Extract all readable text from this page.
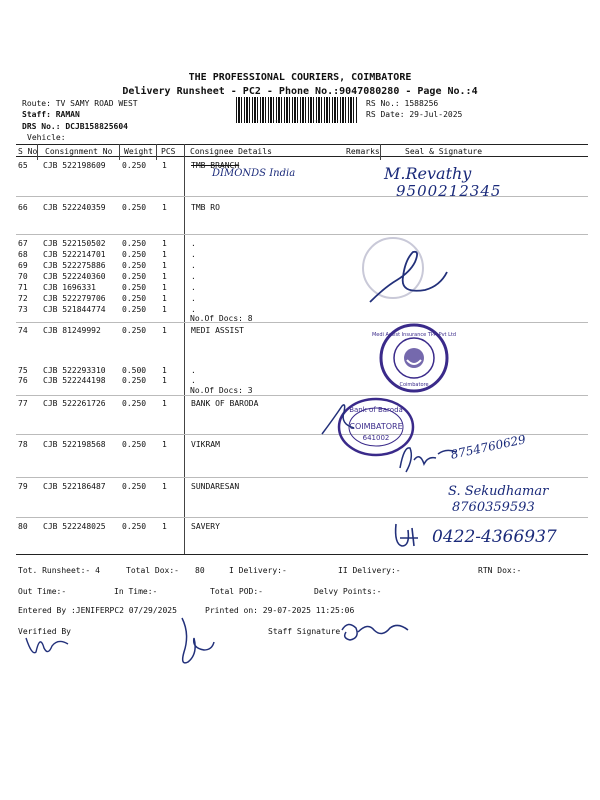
THE PROFESSIONAL COURIERS, COIMBATORE
Delivery Runsheet - PC2 - Phone No.:9047080280 - Page No.:4
Route: TV SAMY ROAD WEST
Staff: RAMAN
DRS No.: DCJB158825604
Vehicle:
RS No.: 1588256
RS Date: 29-Jul-2025
S No Consignment No Weight PCS Consignee Details	Remarks	Seal & Signature
65 CJB 522198609 0.250 1	TMB BRANCH
66 CJB 522240359 0.250 1	TMB RO
67 CJB 522150502 0.250 1	.
68 CJB 522214701 0.250 1	.
69 CJB 522275886 0.250 1	.
70 CJB 522240360 0.250 1	.
71 CJB 1696331	0.250 1	.
72 CJB 522279706 0.250 1	.
73 CJB 521844774 0.250 1	.
No.Of Docs: 8
74 CJB 81249992	0.250 1	MEDI ASSIST
75 CJB 522293310 0.500 1	.
76 CJB 522244198 0.250 1	.
No.Of Docs: 3
77 CJB 522261726 0.250 1	BANK OF BARODA
78 CJB 522198568 0.250 1	VIKRAM
79 CJB 522186487 0.250 1	SUNDARESAN
80 CJB 522248025 0.250 1	SAVERY
DIMONDS India	M.Revathy
9500212345
8754760629
S. Sekudhamar
8760359593
0422-4366937
Medi Assist Insurance TPA Pvt Ltd
Coimbatore
Bank of Baroda
COIMBATORE
641002
Tot. Runsheet:- 4	Total Dox:- 80	I Delivery:-	II Delivery:-	RTN Dox:-
Out Time:-	In Time:-	Total POD:-	Delvy Points:-
Entered By :JENIFERPC2 07/29/2025	Printed on: 29-07-2025 11:25:06
Verified By	Staff Signature
